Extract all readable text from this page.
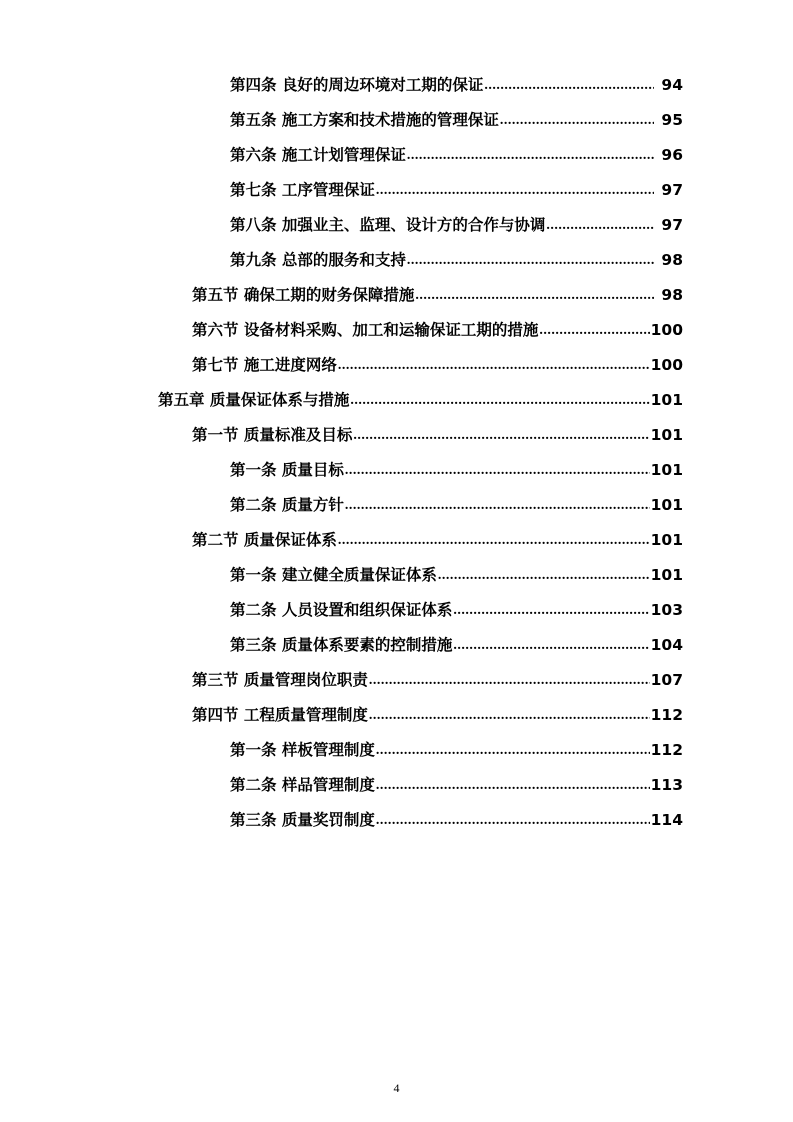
第四条 良好的周边环境对工期的保证 .....	94
第五条 施工方案和技术措施的管理保证 .....	95
第六条 施工计划管理保证 .....	96
第七条 工序管理保证 .....	97
第八条 加强业主、监理、设计方的合作与协调 .....	97
第九条 总部的服务和支持 .....	98
第五节 确保工期的财务保障措施 .....	98
第六节 设备材料采购、加工和运输保证工期的措施 .....	100
第七节 施工进度网络 .....	100
第五章 质量保证体系与措施 .....	101
第一节 质量标准及目标 .....	101
第一条 质量目标 .....	101
第二条 质量方针 .....	101
第二节 质量保证体系 .....	101
第一条 建立健全质量保证体系 .....	101
第二条 人员设置和组织保证体系 .....	103
第三条 质量体系要素的控制措施 .....	104
第三节 质量管理岗位职责 .....	107
第四节 工程质量管理制度 .....	112
第一条 样板管理制度 .....	112
第二条 样品管理制度 .....	113
第三条 质量奖罚制度 .....	114
4
